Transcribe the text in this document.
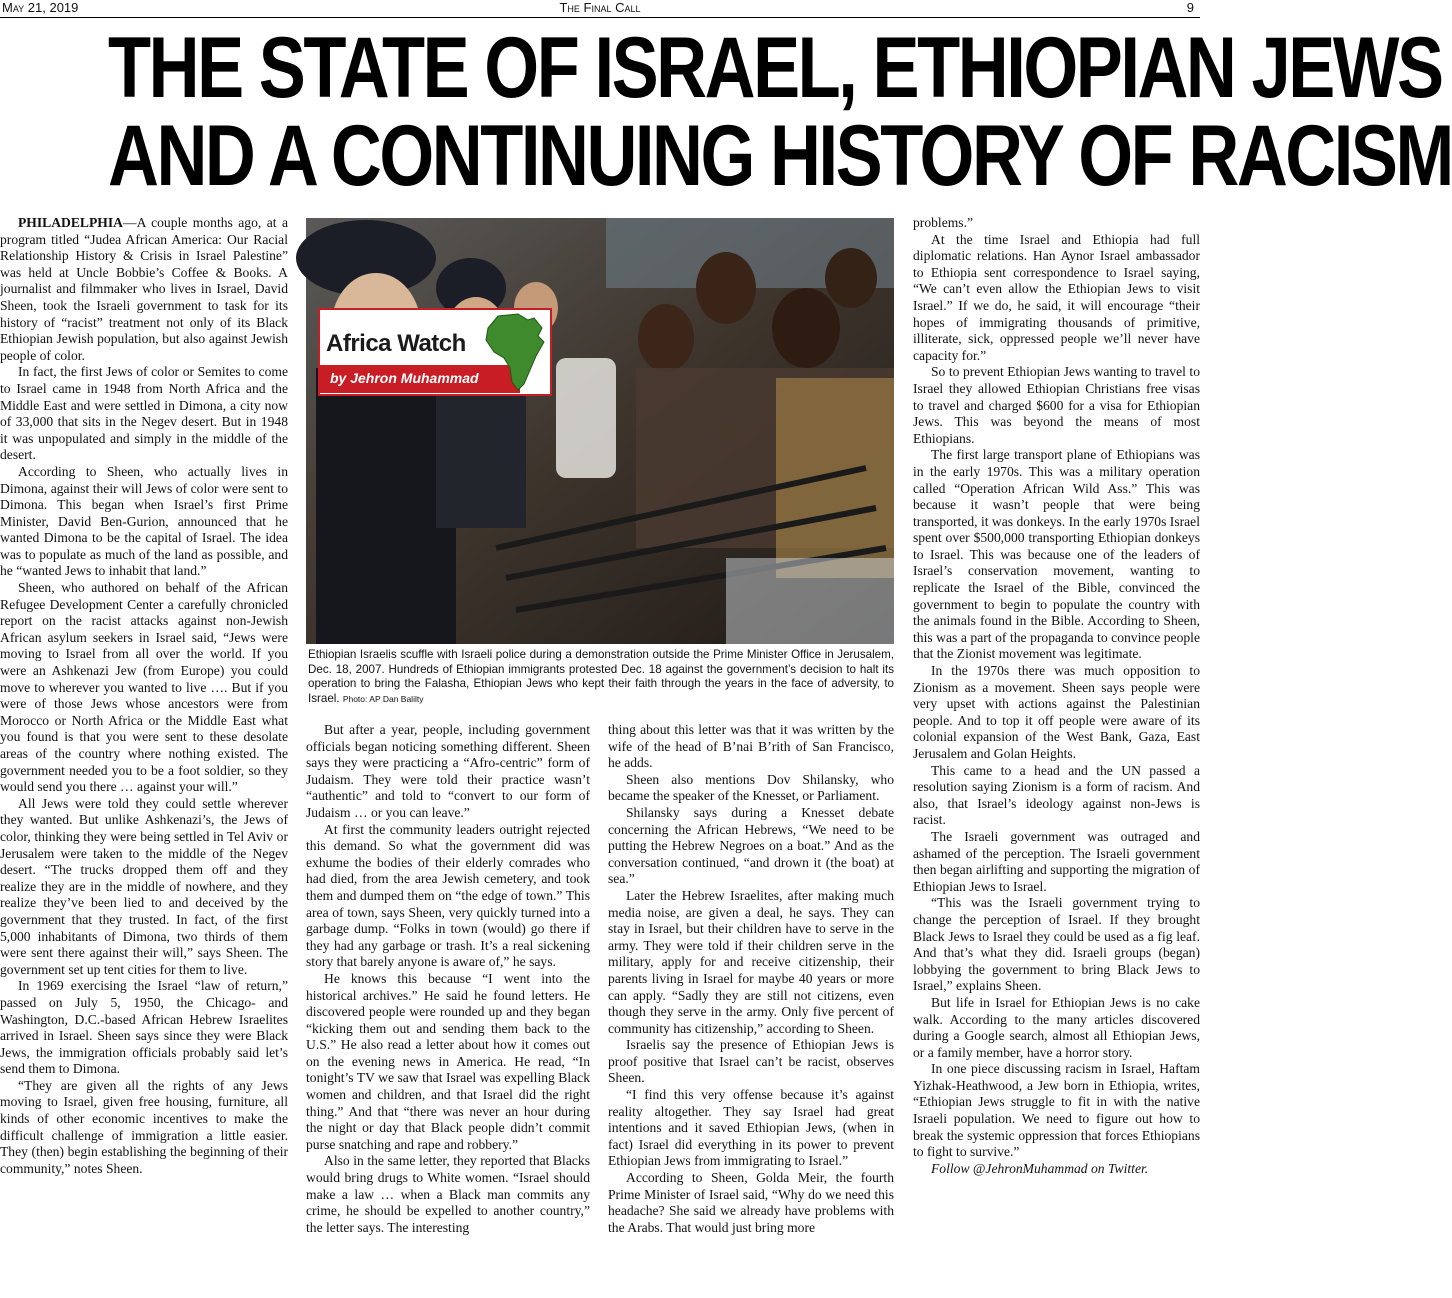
May 21, 2019	The Final Call	9
THE STATE OF ISRAEL, ETHIOPIAN JEWS
AND A CONTINUING HISTORY OF RACISM

PHILADELPHIA—A couple months ago, at a program titled “Judea African America: Our Racial Relationship History & Crisis in Israel Palestine” was held at Uncle Bobbie’s Coffee & Books. A journalist and filmmaker who lives in Israel, David Sheen, took the Israeli government to task for its history of “racist” treatment not only of its Black Ethiopian Jewish population, but also against Jewish people of color.

In fact, the first Jews of color or Semites to come to Israel came in 1948 from North Africa and the Middle East and were settled in Dimona, a city now of 33,000 that sits in the Negev desert. But in 1948 it was unpopulated and simply in the middle of the desert.

According to Sheen, who actually lives in Dimona, against their will Jews of color were sent to Dimona. This began when Israel’s first Prime Minister, David Ben-Gurion, announced that he wanted Dimona to be the capital of Israel. The idea was to populate as much of the land as possible, and he “wanted Jews to inhabit that land.”

Sheen, who authored on behalf of the African Refugee Development Center a carefully chronicled report on the racist attacks against non-Jewish African asylum seekers in Israel said, “Jews were moving to Israel from all over the world. If you were an Ashkenazi Jew (from Europe) you could move to wherever you wanted to live …. But if you were of those Jews whose ancestors were from Morocco or North Africa or the Middle East what you found is that you were sent to these desolate areas of the country where nothing existed. The government needed you to be a foot soldier, so they would send you there … against your will.”

All Jews were told they could settle wherever they wanted. But unlike Ashkenazi’s, the Jews of color, thinking they were being settled in Tel Aviv or Jerusalem were taken to the middle of the Negev desert. “The trucks dropped them off and they realize they are in the middle of nowhere, and they realize they’ve been lied to and deceived by the government that they trusted. In fact, of the first 5,000 inhabitants of Dimona, two thirds of them were sent there against their will,” says Sheen. The government set up tent cities for them to live.

In 1969 exercising the Israel “law of return,” passed on July 5, 1950, the Chicago- and Washington, D.C.-based African Hebrew Israelites arrived in Israel. Sheen says since they were Black Jews, the immigration officials probably said let’s send them to Dimona.

“They are given all the rights of any Jews moving to Israel, given free housing, furniture, all kinds of other economic incentives to make the difficult challenge of immigration a little easier. They (then) begin establishing the beginning of their community,” notes Sheen.

Africa Watch
by Jehron Muhammad
Ethiopian Israelis scuffle with Israeli police during a demonstration outside the Prime Minister Office in Jerusalem, Dec. 18, 2007. Hundreds of Ethiopian immigrants protested Dec. 18 against the government’s decision to halt its operation to bring the Falasha, Ethiopian Jews who kept their faith through the years in the face of adversity, to Israel. Photo: AP Dan Balilty

But after a year, people, including government officials began noticing something different. Sheen says they were practicing a “Afro-centric” form of Judaism. They were told their practice wasn’t “authentic” and told to “convert to our form of Judaism … or you can leave.”

At first the community leaders outright rejected this demand. So what the government did was exhume the bodies of their elderly comrades who had died, from the area Jewish cemetery, and took them and dumped them on “the edge of town.” This area of town, says Sheen, very quickly turned into a garbage dump. “Folks in town (would) go there if they had any garbage or trash. It’s a real sickening story that barely anyone is aware of,” he says.

He knows this because “I went into the historical archives.” He said he found letters. He discovered people were rounded up and they began “kicking them out and sending them back to the U.S.” He also read a letter about how it comes out on the evening news in America. He read, “In tonight’s TV we saw that Israel was expelling Black women and children, and that Israel did the right thing.” And that “there was never an hour during the night or day that Black people didn’t commit purse snatching and rape and robbery.”

Also in the same letter, they reported that Blacks would bring drugs to White women. “Israel should make a law … when a Black man commits any crime, he should be expelled to another country,” the letter says. The interesting

thing about this letter was that it was written by the wife of the head of B’nai B’rith of San Francisco, he adds.

Sheen also mentions Dov Shilansky, who became the speaker of the Knesset, or Parliament.

Shilansky says during a Knesset debate concerning the African Hebrews, “We need to be putting the Hebrew Negroes on a boat.” And as the conversation continued, “and drown it (the boat) at sea.”

Later the Hebrew Israelites, after making much media noise, are given a deal, he says. They can stay in Israel, but their children have to serve in the army. They were told if their children serve in the military, apply for and receive citizenship, their parents living in Israel for maybe 40 years or more can apply. “Sadly they are still not citizens, even though they serve in the army. Only five percent of community has citizenship,” according to Sheen.

Israelis say the presence of Ethiopian Jews is proof positive that Israel can’t be racist, observes Sheen.

“I find this very offense because it’s against reality altogether. They say Israel had great intentions and it saved Ethiopian Jews, (when in fact) Israel did everything in its power to prevent Ethiopian Jews from immigrating to Israel.”

According to Sheen, Golda Meir, the fourth Prime Minister of Israel said, “Why do we need this headache? She said we already have problems with the Arabs. That would just bring more

problems.”

At the time Israel and Ethiopia had full diplomatic relations. Han Aynor Israel ambassador to Ethiopia sent correspondence to Israel saying, “We can’t even allow the Ethiopian Jews to visit Israel.” If we do, he said, it will encourage “their hopes of immigrating thousands of primitive, illiterate, sick, oppressed people we’ll never have capacity for.”

So to prevent Ethiopian Jews wanting to travel to Israel they allowed Ethiopian Christians free visas to travel and charged $600 for a visa for Ethiopian Jews. This was beyond the means of most Ethiopians.

The first large transport plane of Ethiopians was in the early 1970s. This was a military operation called “Operation African Wild Ass.” This was because it wasn’t people that were being transported, it was donkeys. In the early 1970s Israel spent over $500,000 transporting Ethiopian donkeys to Israel. This was because one of the leaders of Israel’s conservation movement, wanting to replicate the Israel of the Bible, convinced the government to begin to populate the country with the animals found in the Bible. According to Sheen, this was a part of the propaganda to convince people that the Zionist movement was legitimate.

In the 1970s there was much opposition to Zionism as a movement. Sheen says people were very upset with actions against the Palestinian people. And to top it off people were aware of its colonial expansion of the West Bank, Gaza, East Jerusalem and Golan Heights.

This came to a head and the UN passed a resolution saying Zionism is a form of racism. And also, that Israel’s ideology against non-Jews is racist.

The Israeli government was outraged and ashamed of the perception. The Israeli government then began airlifting and supporting the migration of Ethiopian Jews to Israel.

“This was the Israeli government trying to change the perception of Israel. If they brought Black Jews to Israel they could be used as a fig leaf. And that’s what they did. Israeli groups (began) lobbying the government to bring Black Jews to Israel,” explains Sheen.

But life in Israel for Ethiopian Jews is no cake walk. According to the many articles discovered during a Google search, almost all Ethiopian Jews, or a family member, have a horror story.

In one piece discussing racism in Israel, Haftam Yizhak-Heathwood, a Jew born in Ethiopia, writes, “Ethiopian Jews struggle to fit in with the native Israeli population. We need to figure out how to break the systemic oppression that forces Ethiopians to fight to survive.”

Follow @JehronMuhammad on Twitter.
